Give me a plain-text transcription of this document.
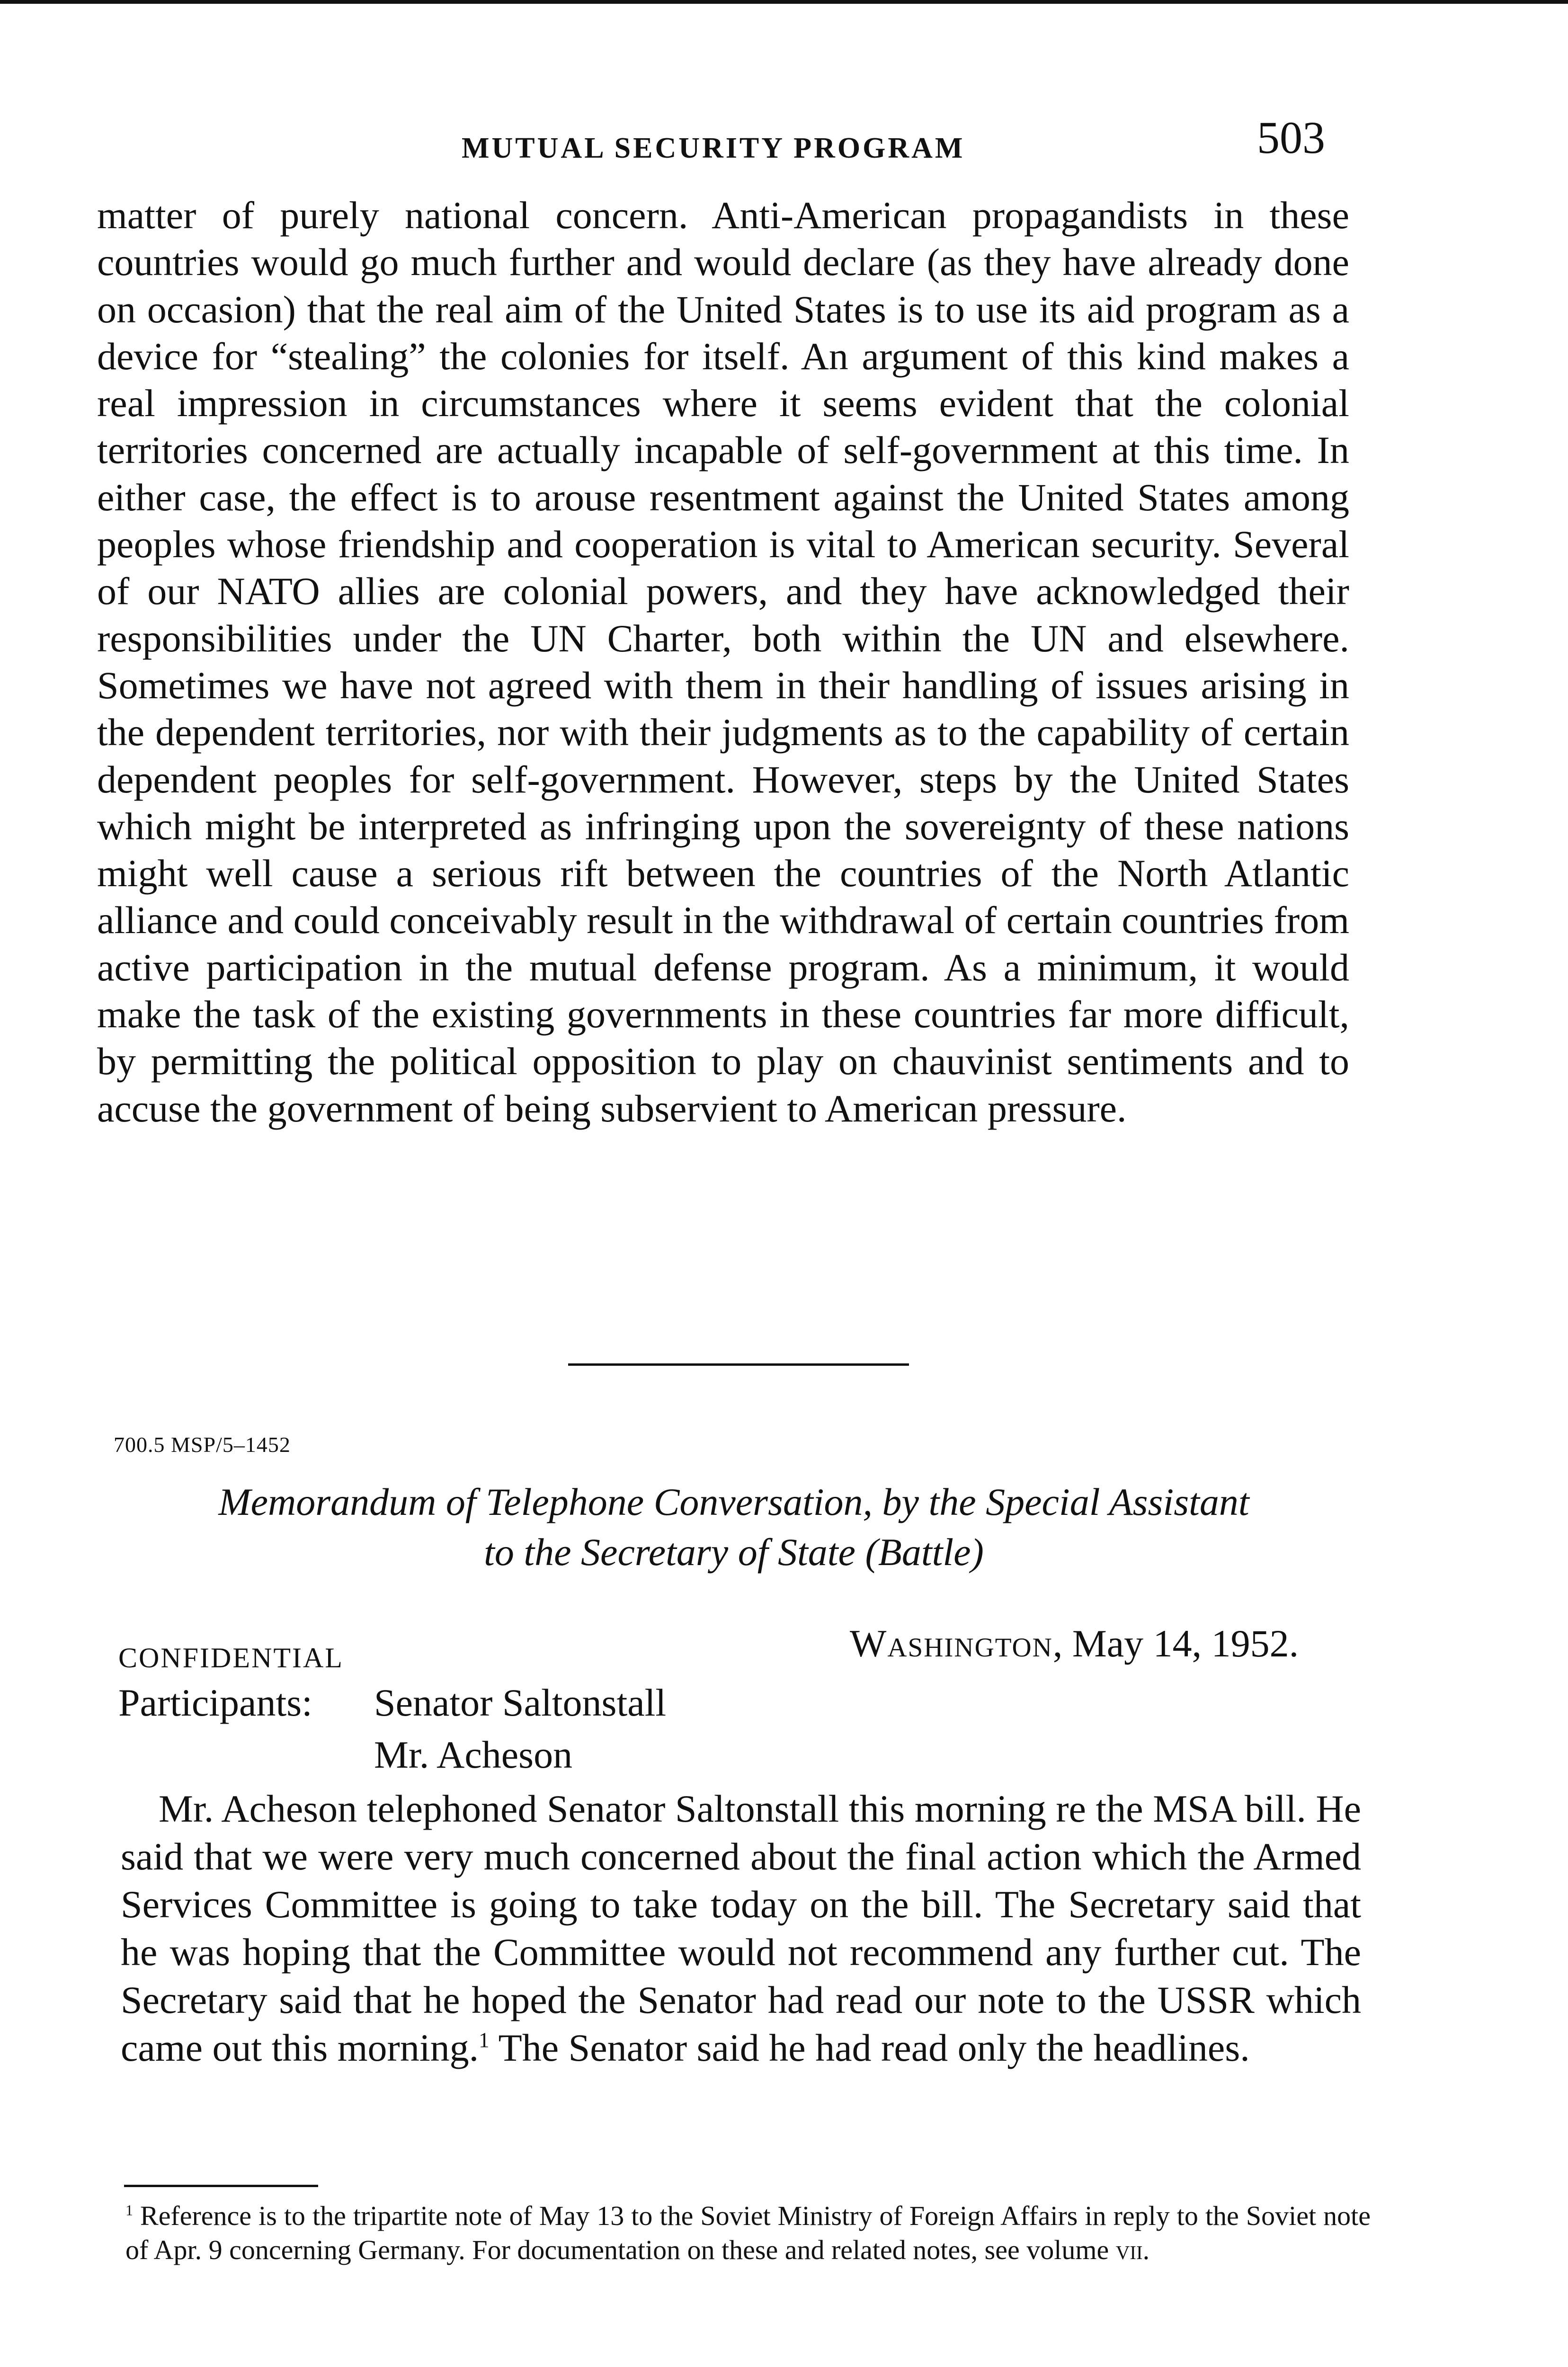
MUTUAL SECURITY PROGRAM	503

matter of purely national concern. Anti-American propagandists in these countries would go much further and would declare (as they have already done on occasion) that the real aim of the United States is to use its aid program as a device for “stealing” the colonies for itself. An argument of this kind makes a real impression in circumstances where it seems evident that the colonial territories concerned are actually incapable of self-government at this time. In either case, the effect is to arouse resentment against the United States among peoples whose friendship and cooperation is vital to American security. Several of our NATO allies are colonial powers, and they have acknowledged their responsibilities under the UN Charter, both within the UN and elsewhere. Sometimes we have not agreed with them in their handling of issues arising in the dependent territories, nor with their judgments as to the capability of certain dependent peoples for self-government. However, steps by the United States which might be interpreted as infringing upon the sovereignty of these nations might well cause a serious rift between the countries of the North Atlantic alliance and could conceivably result in the withdrawal of certain countries from active participation in the mutual defense program. As a minimum, it would make the task of the existing governments in these countries far more difficult, by permitting the political opposition to play on chauvinist sentiments and to accuse the government of being subservient to American pressure.

700.5 MSP/5–1452
Memorandum of Telephone Conversation, by the Special Assistant
to the Secretary of State (Battle)
CONFIDENTIAL	Washington, May 14, 1952.
Participants: Senator Saltonstall
Mr. Acheson

Mr. Acheson telephoned Senator Saltonstall this morning re the MSA bill. He said that we were very much concerned about the final action which the Armed Services Committee is going to take today on the bill. The Secretary said that he was hoping that the Committee would not recommend any further cut. The Secretary said that he hoped the Senator had read our note to the USSR which came out this morning.$^1$ The Senator said he had read only the headlines.

$^1$ Reference is to the tripartite note of May 13 to the Soviet Ministry of Foreign Affairs in reply to the Soviet note of Apr. 9 concerning Germany. For documentation on these and related notes, see volume vii.
